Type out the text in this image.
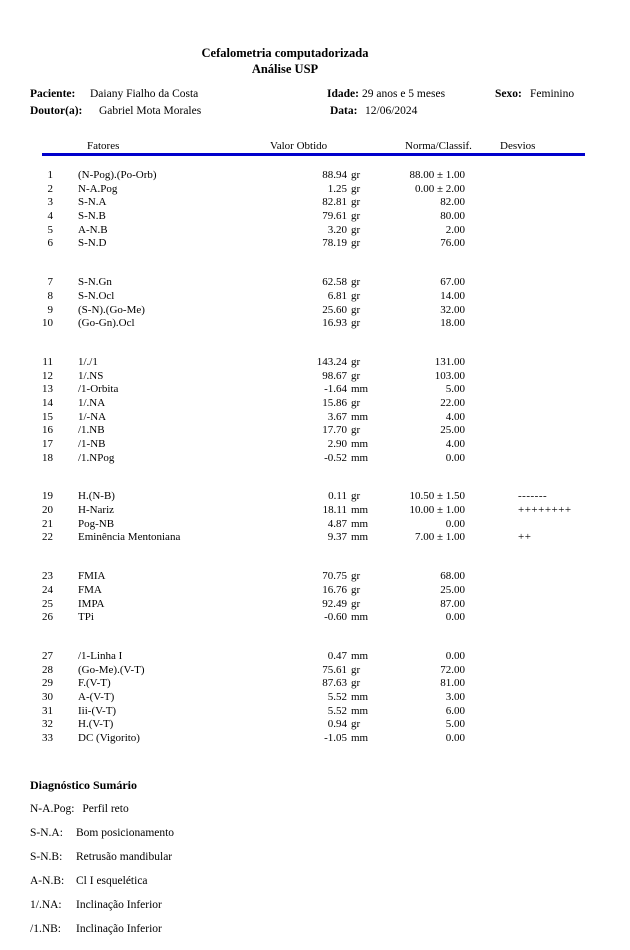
Cefalometria computadorizada
Análise USP
Paciente: Daiany Fialho da Costa	Idade: 29 anos e 5 meses	Sexo: Feminino
Doutor(a): Gabriel Mota Morales	Data: 12/06/2024
Fatores	Valor Obtido	Norma/Classif.	Desvios
1	(N-Pog).(Po-Orb)	88.94 gr	88.00 ± 1.00
2	N-A.Pog	1.25 gr	0.00 ± 2.00
3	S-N.A	82.81 gr	82.00
4	S-N.B	79.61 gr	80.00
5	A-N.B	3.20 gr	2.00
6	S-N.D	78.19 gr	76.00
7	S-N.Gn	62.58 gr	67.00
8	S-N.Ocl	6.81 gr	14.00
9	(S-N).(Go-Me)	25.60 gr	32.00
10	(Go-Gn).Ocl	16.93 gr	18.00
11	1/./1	143.24 gr	131.00
12	1/.NS	98.67 gr	103.00
13	/1-Orbita	-1.64 mm	5.00
14	1/.NA	15.86 gr	22.00
15	1/-NA	3.67 mm	4.00
16	/1.NB	17.70 gr	25.00
17	/1-NB	2.90 mm	4.00
18	/1.NPog	-0.52 mm	0.00
19	H.(N-B)	0.11 gr	10.50 ± 1.50	-------
20	H-Nariz	18.11 mm	10.00 ± 1.00	++++++++
21	Pog-NB	4.87 mm	0.00
22	Eminência Mentoniana	9.37 mm	7.00 ± 1.00	++
23	FMIA	70.75 gr	68.00
24	FMA	16.76 gr	25.00
25	IMPA	92.49 gr	87.00
26	TPi	-0.60 mm	0.00
27	/1-Linha I	0.47 mm	0.00
28	(Go-Me).(V-T)	75.61 gr	72.00
29	F.(V-T)	87.63 gr	81.00
30	A-(V-T)	5.52 mm	3.00
31	Iii-(V-T)	5.52 mm	6.00
32	H.(V-T)	0.94 gr	5.00
33	DC (Vigorito)	-1.05 mm	0.00
Diagnóstico Sumário
N-A.Pog: Perfil reto
S-N.A: Bom posicionamento
S-N.B: Retrusão mandibular
A-N.B: Cl I esquelética
1/.NA: Inclinação Inferior
/1.NB: Inclinação Inferior
